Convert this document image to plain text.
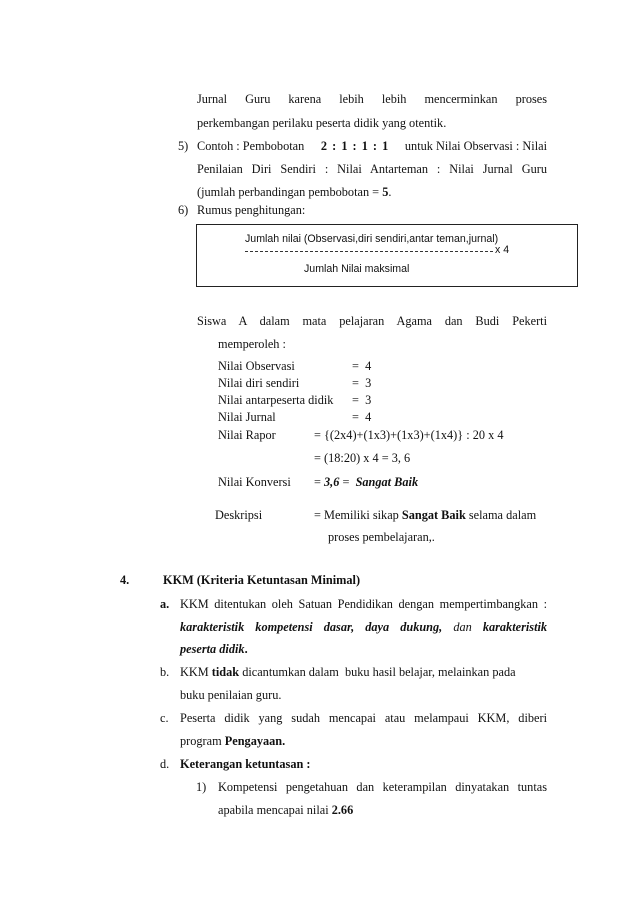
Jurnal Guru karena lebih lebih mencerminkan proses
perkembangan perilaku peserta didik yang otentik.
5) Contoh : Pembobotan 2 : 1 : 1 : 1 untuk Nilai Observasi : Nilai
Penilaian Diri Sendiri : Nilai Antarteman : Nilai Jurnal Guru
(jumlah perbandingan pembobotan = 5.
6) Rumus penghitungan:
Jumlah nilai (Observasi,diri sendiri,antar teman,jurnal)
x 4
Jumlah Nilai maksimal
Siswa A dalam mata pelajaran Agama dan Budi Pekerti
memperoleh :
Nilai Observasi	=  4
Nilai diri sendiri	=  3
Nilai antarpeserta didik =  3
Nilai Jurnal	=  4
Nilai Rapor	= {(2x4)+(1x3)+(1x3)+(1x4)} : 20 x 4
= (18:20) x 4 = 3, 6
Nilai Konversi = 3,6 =  Sangat Baik
Deskripsi	= Memiliki sikap Sangat Baik selama dalam
proses pembelajaran,.
4.	KKM (Kriteria Ketuntasan Minimal)
a. KKM ditentukan oleh Satuan Pendidikan dengan mempertimbangkan :
karakteristik kompetensi dasar, daya dukung, dan karakteristik
peserta didik.
b. KKM tidak dicantumkan dalam  buku hasil belajar, melainkan pada
buku penilaian guru.
c. Peserta didik yang sudah mencapai atau melampaui KKM, diberi
program Pengayaan.
d. Keterangan ketuntasan :
1) Kompetensi pengetahuan dan keterampilan dinyatakan tuntas
apabila mencapai nilai 2.66
